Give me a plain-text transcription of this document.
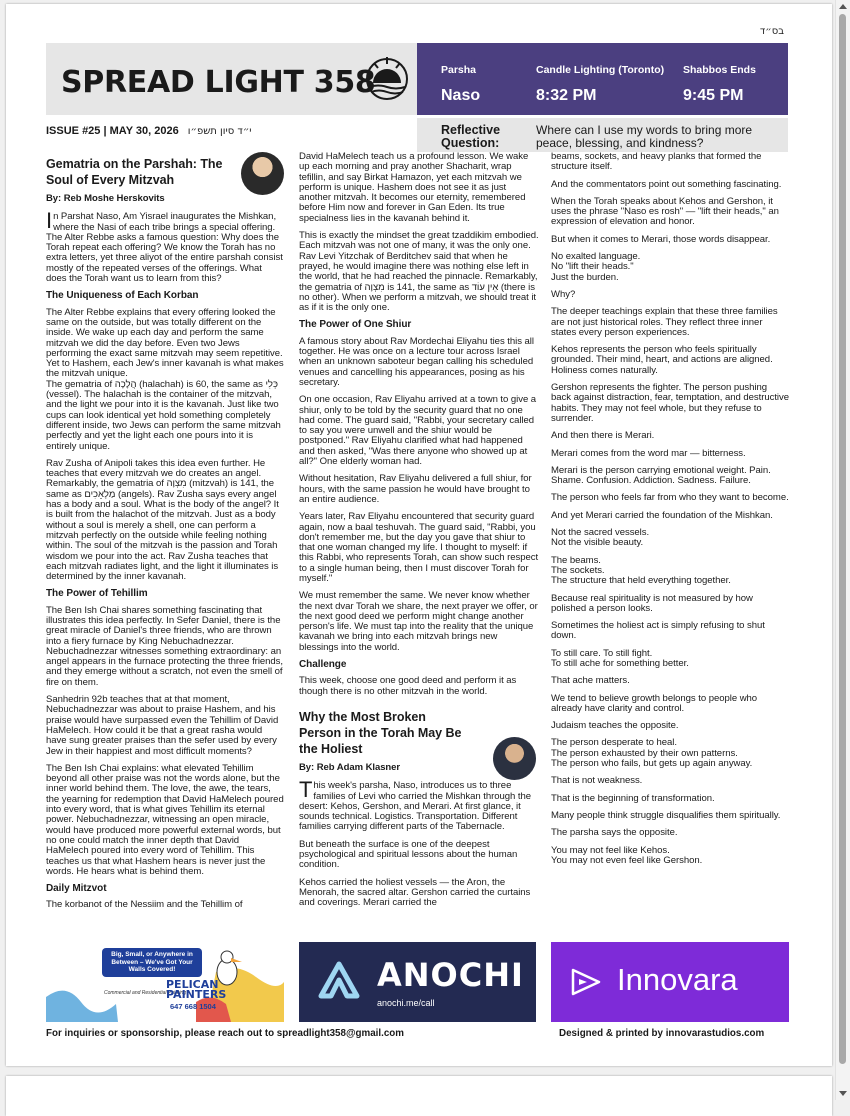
בס״ד
SPREAD LIGHT 358	Parsha
Naso
Candle Lighting (Toronto)
8:32 PM
Shabbos Ends
9:45 PM
ISSUE #25 | MAY 30, 2026 י״ד סיון תשפ״ו	Reflective Question:
Where can I use my words to bring more peace, blessing, and kindness?
Gematria on the Parshah: The Soul of Every Mitzvah
By: Reb Moshe Herskovits

In Parshat Naso, Am Yisrael inaugurates the Mishkan, where the Nasi of each tribe brings a special offering. The Alter Rebbe asks a famous question: Why does the Torah repeat each offering? We know the Torah has no extra letters, yet three aliyot of the entire parshah consist mostly of the repeated verses of the offerings. What does the Torah want us to learn from this?

The Uniqueness of Each Korban

The Alter Rebbe explains that every offering looked the same on the outside, but was totally different on the inside. We wake up each day and perform the same mitzvah we did the day before. Even two Jews performing the exact same mitzvah may seem repetitive. Yet to Hashem, each Jew's inner kavanah is what makes the mitzvah unique.

The gematria of הֲלָכָה (halachah) is 60, the same as כְּלִי (vessel). The halachah is the container of the mitzvah, and the light we pour into it is the kavanah. Just like two cups can look identical yet hold something completely different inside, two Jews can perform the same mitzvah perfectly and yet the light each one pours into it is entirely unique.

Rav Zusha of Anipoli takes this idea even further. He teaches that every mitzvah we do creates an angel. Remarkably, the gematria of מִצְוָה (mitzvah) is 141, the same as מַלְאָכִים (angels). Rav Zusha says every angel has a body and a soul. What is the body of the angel? It is built from the halachot of the mitzvah. Just as a body without a soul is merely a shell, one can perform a mitzvah perfectly on the outside while feeling nothing within. The soul of the mitzvah is the passion and Torah wisdom we pour into the act. Rav Zusha teaches that each mitzvah radiates light, and the light it illuminates is determined by the inner kavanah.

The Power of Tehillim

The Ben Ish Chai shares something fascinating that illustrates this idea perfectly. In Sefer Daniel, there is the great miracle of Daniel's three friends, who are thrown into a fiery furnace by King Nebuchadnezzar. Nebuchadnezzar witnesses something extraordinary: an angel appears in the furnace protecting the three friends, and they emerge without a scratch, not even the smell of fire on them.

Sanhedrin 92b teaches that at that moment, Nebuchadnezzar was about to praise Hashem, and his praise would have surpassed even the Tehillim of David HaMelech. How could it be that a great rasha would have sung greater praises than the sefer used by every Jew in their happiest and most difficult moments?

The Ben Ish Chai explains: what elevated Tehillim beyond all other praise was not the words alone, but the inner world behind them. The love, the awe, the tears, the yearning for redemption that David HaMelech poured into every word, that is what gives Tehillim its eternal power. Nebuchadnezzar, witnessing an open miracle, would have produced more powerful external words, but no one could match the inner depth that David HaMelech poured into every word of Tehillim. This teaches us that what Hashem hears is never just the words. He hears what is behind them.

Daily Mitzvot

The korbanot of the Nessiim and the Tehillim of

David HaMelech teach us a profound lesson. We wake up each morning and pray another Shacharit, wrap tefillin, and say Birkat Hamazon, yet each mitzvah we perform is unique. Hashem does not see it as just another mitzvah. It becomes our eternity, remembered before Him now and forever in Gan Eden. Its true specialness lies in the kavanah behind it.

This is exactly the mindset the great tzaddikim embodied. Each mitzvah was not one of many, it was the only one. Rav Levi Yitzchak of Berditchev said that when he prayed, he would imagine there was nothing else left in the world, that he had reached the pinnacle. Remarkably, the gematria of מִצְוָה is 141, the same as אֵין עוֹד (there is no other). When we perform a mitzvah, we should treat it as if it is the only one.

The Power of One Shiur

A famous story about Rav Mordechai Eliyahu ties this all together. He was once on a lecture tour across Israel when an unknown saboteur began calling his scheduled venues and cancelling his appearances, posing as his secretary.

On one occasion, Rav Eliyahu arrived at a town to give a shiur, only to be told by the security guard that no one had come. The guard said, "Rabbi, your secretary called to say you were unwell and the shiur would be postponed." Rav Eliyahu clarified what had happened and then asked, "Was there anyone who showed up at all?" One elderly woman had.

Without hesitation, Rav Eliyahu delivered a full shiur, for hours, with the same passion he would have brought to an entire audience.

Years later, Rav Eliyahu encountered that security guard again, now a baal teshuvah. The guard said, "Rabbi, you don't remember me, but the day you gave that shiur to that one woman changed my life. I thought to myself: if this Rabbi, who represents Torah, can show such respect to a single human being, then I must discover Torah for myself."

We must remember the same. We never know whether the next dvar Torah we share, the next prayer we offer, or the next good deed we perform might change another person's life. We must tap into the reality that the unique kavanah we bring into each mitzvah brings new blessings into the world.

Challenge

This week, choose one good deed and perform it as though there is no other mitzvah in the world.

Why the Most Broken Person in the Torah May Be the Holiest
By: Reb Adam Klasner

This week's parsha, Naso, introduces us to three families of Levi who carried the Mishkan through the desert: Kehos, Gershon, and Merari. At first glance, it sounds technical. Logistics. Transportation. Different families carrying different parts of the Tabernacle.

But beneath the surface is one of the deepest psychological and spiritual lessons about the human condition.

Kehos carried the holiest vessels — the Aron, the Menorah, the sacred altar. Gershon carried the curtains and coverings. Merari carried the

beams, sockets, and heavy planks that formed the structure itself.

And the commentators point out something fascinating.

When the Torah speaks about Kehos and Gershon, it uses the phrase "Naso es rosh" — "lift their heads," an expression of elevation and honor.

But when it comes to Merari, those words disappear.

No exalted language.
No "lift their heads."
Just the burden.

Why?

The deeper teachings explain that these three families are not just historical roles. They reflect three inner states every person experiences.

Kehos represents the person who feels spiritually grounded. Their mind, heart, and actions are aligned. Holiness comes naturally.

Gershon represents the fighter. The person pushing back against distraction, fear, temptation, and destructive habits. They may not feel whole, but they refuse to surrender.

And then there is Merari.

Merari comes from the word mar — bitterness.

Merari is the person carrying emotional weight. Pain. Shame. Confusion. Addiction. Sadness. Failure.

The person who feels far from who they want to become.

And yet Merari carried the foundation of the Mishkan.

Not the sacred vessels.
Not the visible beauty.

The beams.
The sockets.
The structure that held everything together.

Because real spirituality is not measured by how polished a person looks.

Sometimes the holiest act is simply refusing to shut down.

To still care. To still fight.
To still ache for something better.

That ache matters.

We tend to believe growth belongs to people who already have clarity and control.

Judaism teaches the opposite.

The person desperate to heal.
The person exhausted by their own patterns.
The person who fails, but gets up again anyway.

That is not weakness.

That is the beginning of transformation.

Many people think struggle disqualifies them spiritually.

The parsha says the opposite.

You may not feel like Kehos.
You may not even feel like Gershon.

Big, Small, or Anywhere in Between – We've Got Your Walls Covered!
Commercial and Residential Painting
PELICAN
PAINTERS
647 668 1504
ANOCHI
anochi.me/call
Innovara
For inquiries or sponsorship, please reach out to spreadlight358@gmail.com	Designed & printed by innovarastudios.com
